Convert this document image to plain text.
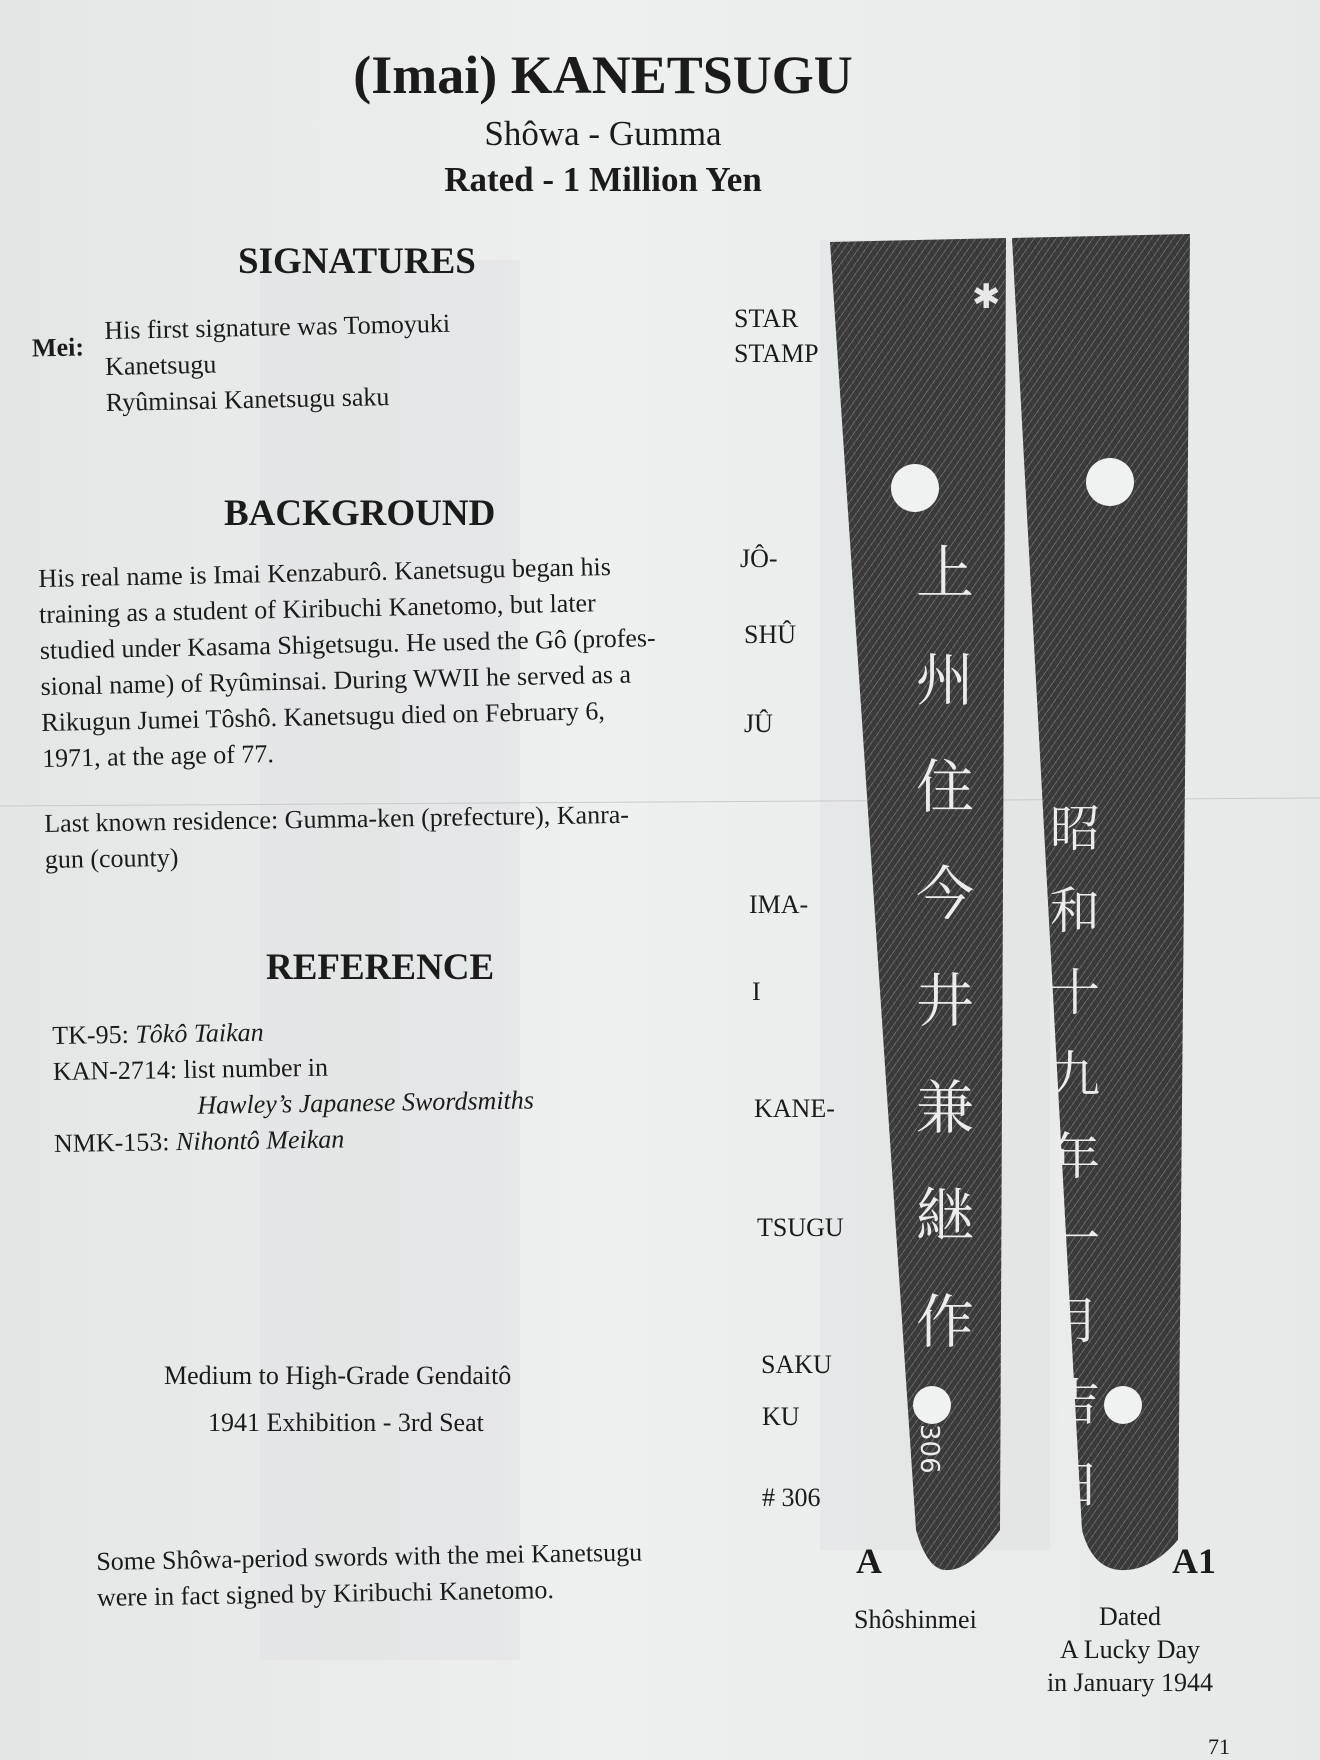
(Imai) KANETSUGU
Shôwa - Gumma
Rated - 1 Million Yen
SIGNATURES
Mei:
His first signature was Tomoyuki
Kanetsugu
Ryûminsai Kanetsugu saku
BACKGROUND
His real name is Imai Kenzaburô. Kanetsugu began his
training as a student of Kiribuchi Kanetomo, but later
studied under Kasama Shigetsugu. He used the Gô (profes-
sional name) of Ryûminsai. During WWII he served as a
Rikugun Jumei Tôshô. Kanetsugu died on February 6,
1971, at the age of 77.
Last known residence: Gumma-ken (prefecture), Kanra-
gun (county)
REFERENCE
TK-95: Tôkô Taikan
KAN-2714: list number in
Hawley’s Japanese Swordsmiths
NMK-153: Nihontô Meikan
Medium to High-Grade Gendaitô
1941 Exhibition - 3rd Seat
Some Shôwa-period swords with the mei Kanetsugu
were in fact signed by Kiribuchi Kanetomo.
STAR
STAMP
JÔ-
SHÛ
JÛ
IMA-
I
KANE-
TSUGU
SAKU
KU
# 306
✱
上
州
住
今
井
兼
継
作
306
昭
和
十
九
年
一
月
吉
日
A	A1
Shôshinmei	Dated
A Lucky Day
in January 1944
71
